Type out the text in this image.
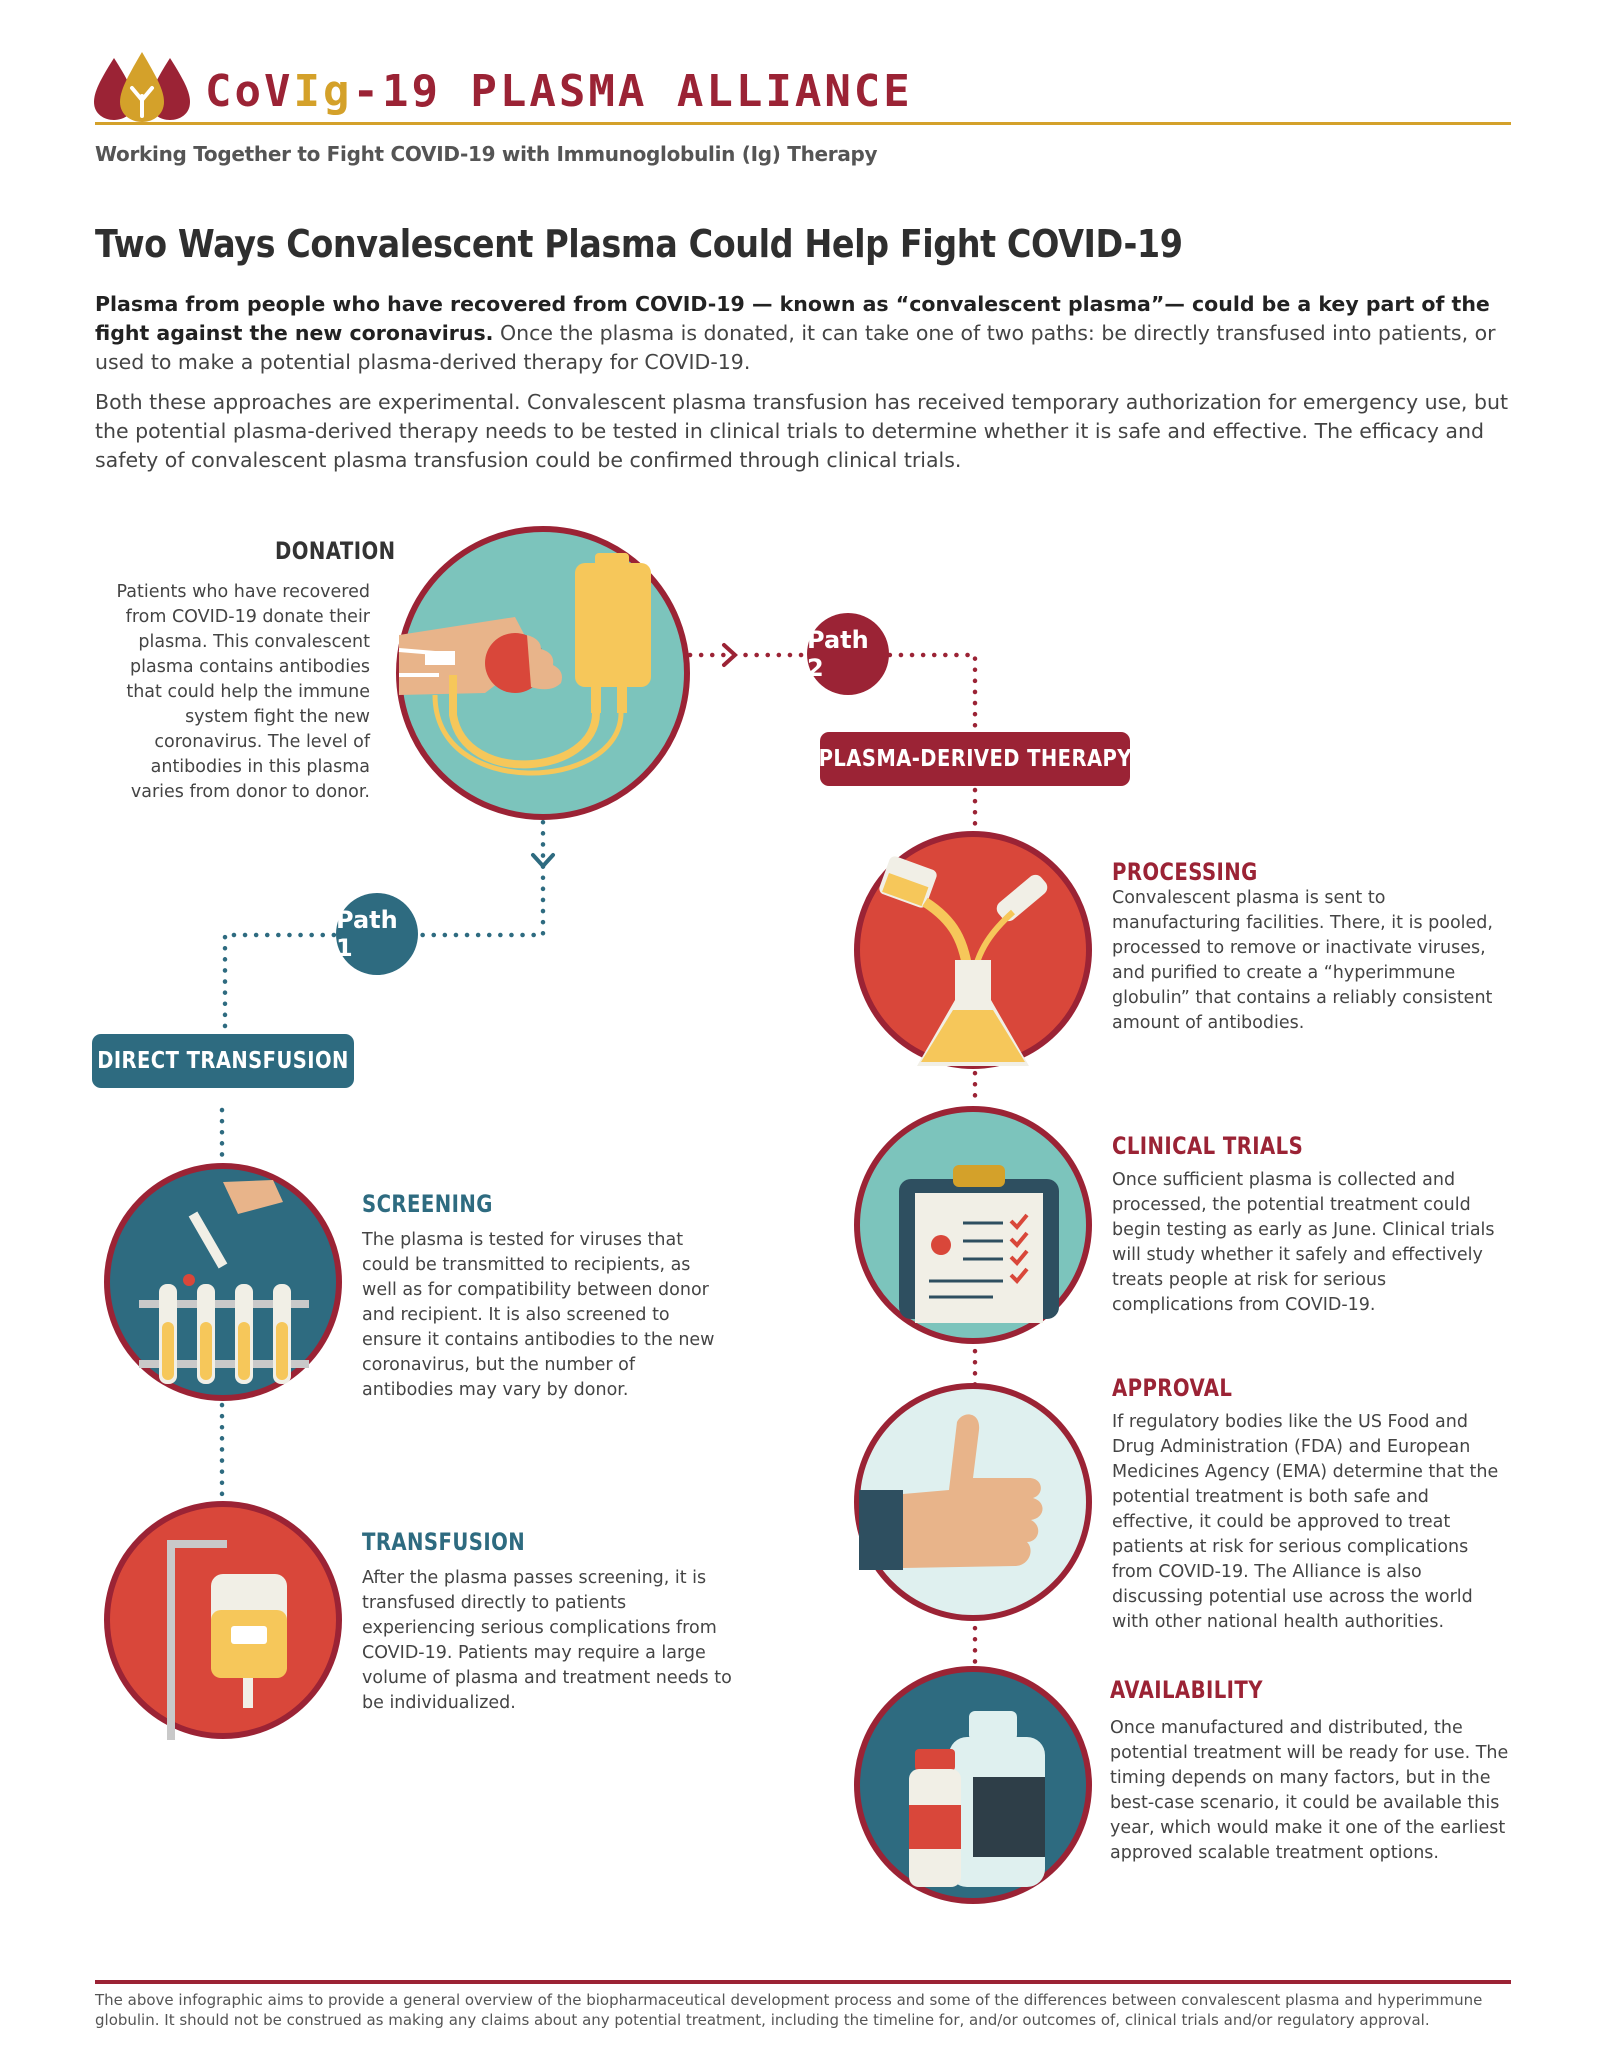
CoVIg-19 PLASMA ALLIANCE
Working Together to Fight COVID-19 with Immunoglobulin (Ig) Therapy
Two Ways Convalescent Plasma Could Help Fight COVID-19
Plasma from people who have recovered from COVID-19 — known as “convalescent plasma”— could be a key part of the fight against the new coronavirus. Once the plasma is donated, it can take one of two paths: be directly transfused into patients, or used to make a potential plasma-derived therapy for COVID-19.
Both these approaches are experimental. Convalescent plasma transfusion has received temporary authorization for emergency use, but the potential plasma-derived therapy needs to be tested in clinical trials to determine whether it is safe and effective. The efficacy and safety of convalescent plasma transfusion could be confirmed through clinical trials.
DONATION
Patients who have recovered from COVID-19 donate their plasma. This convalescent plasma contains antibodies that could help the immune system fight the new coronavirus. The level of antibodies in this plasma varies from donor to donor.
Path 1
Path 2
DIRECT TRANSFUSION
PLASMA-DERIVED THERAPY
SCREENING
The plasma is tested for viruses that could be transmitted to recipients, as well as for compatibility between donor and recipient. It is also screened to ensure it contains antibodies to the new coronavirus, but the number of antibodies may vary by donor.
TRANSFUSION
After the plasma passes screening, it is transfused directly to patients experiencing serious complications from COVID-19. Patients may require a large volume of plasma and treatment needs to be individualized.
PROCESSING
Convalescent plasma is sent to manufacturing facilities. There, it is pooled, processed to remove or inactivate viruses, and purified to create a “hyperimmune globulin” that contains a reliably consistent amount of antibodies.
CLINICAL TRIALS
Once sufficient plasma is collected and processed, the potential treatment could begin testing as early as June. Clinical trials will study whether it safely and effectively treats people at risk for serious complications from COVID-19.
APPROVAL
If regulatory bodies like the US Food and Drug Administration (FDA) and European Medicines Agency (EMA) determine that the potential treatment is both safe and effective, it could be approved to treat patients at risk for serious complications from COVID-19. The Alliance is also discussing potential use across the world with other national health authorities.
AVAILABILITY
Once manufactured and distributed, the potential treatment will be ready for use. The timing depends on many factors, but in the best-case scenario, it could be available this year, which would make it one of the earliest approved scalable treatment options.
The above infographic aims to provide a general overview of the biopharmaceutical development process and some of the differences between convalescent plasma and hyperimmune globulin. It should not be construed as making any claims about any potential treatment, including the timeline for, and/or outcomes of, clinical trials and/or regulatory approval.
